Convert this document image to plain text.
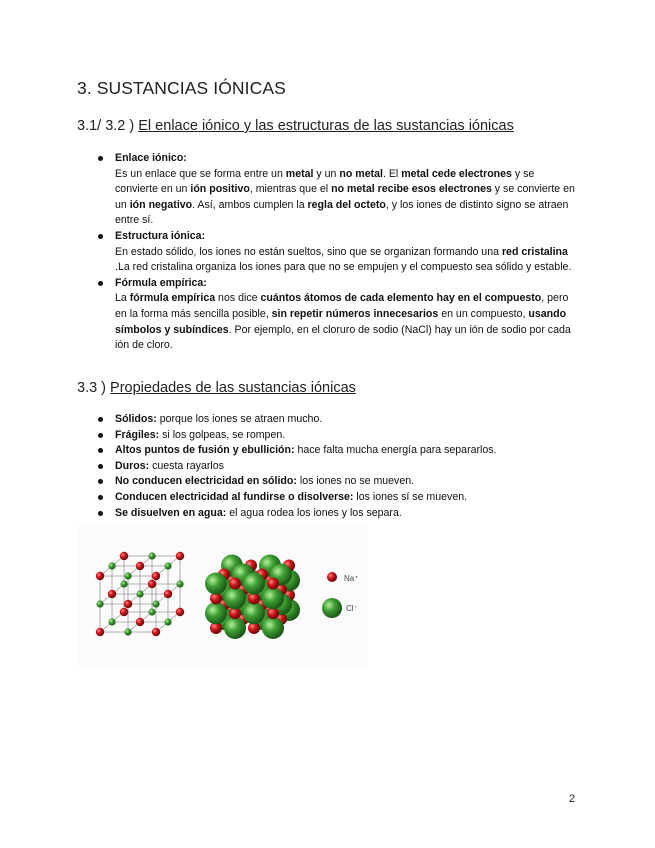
3. SUSTANCIAS IÓNICAS
3.1/ 3.2 ) El enlace iónico y las estructuras de las sustancias iónicas
Enlace iónico:
Es un enlace que se forma entre un metal y un no metal. El metal cede electrones y se convierte en un ión positivo, mientras que el no metal recibe esos electrones y se convierte en un ión negativo. Así, ambos cumplen la regla del octeto, y los iones de distinto signo se atraen entre sí.
Estructura iónica:
En estado sólido, los iones no están sueltos, sino que se organizan formando una red cristalina .La red cristalina organiza los iones para que no se empujen y el compuesto sea sólido y estable.
Fórmula empírica:
La fórmula empírica nos dice cuántos átomos de cada elemento hay en el compuesto, pero en la forma más sencilla posible, sin repetir números innecesarios en un compuesto, usando símbolos y subíndices. Por ejemplo, en el cloruro de sodio (NaCl) hay un ión de sodio por cada ión de cloro.
3.3 ) Propiedades de las sustancias iónicas
Sólidos: porque los iones se atraen mucho.
Frágiles: si los golpeas, se rompen.
Altos puntos de fusión y ebullición: hace falta mucha energía para separarlos.
Duros: cuesta rayarlos
No conducen electricidad en sólido: los iones no se mueven.
Conducen electricidad al fundirse o disolverse: los iones sí se mueven.
Se disuelven en agua: el agua rodea los iones y los separa.
Na⁺
Cl⁻
2
